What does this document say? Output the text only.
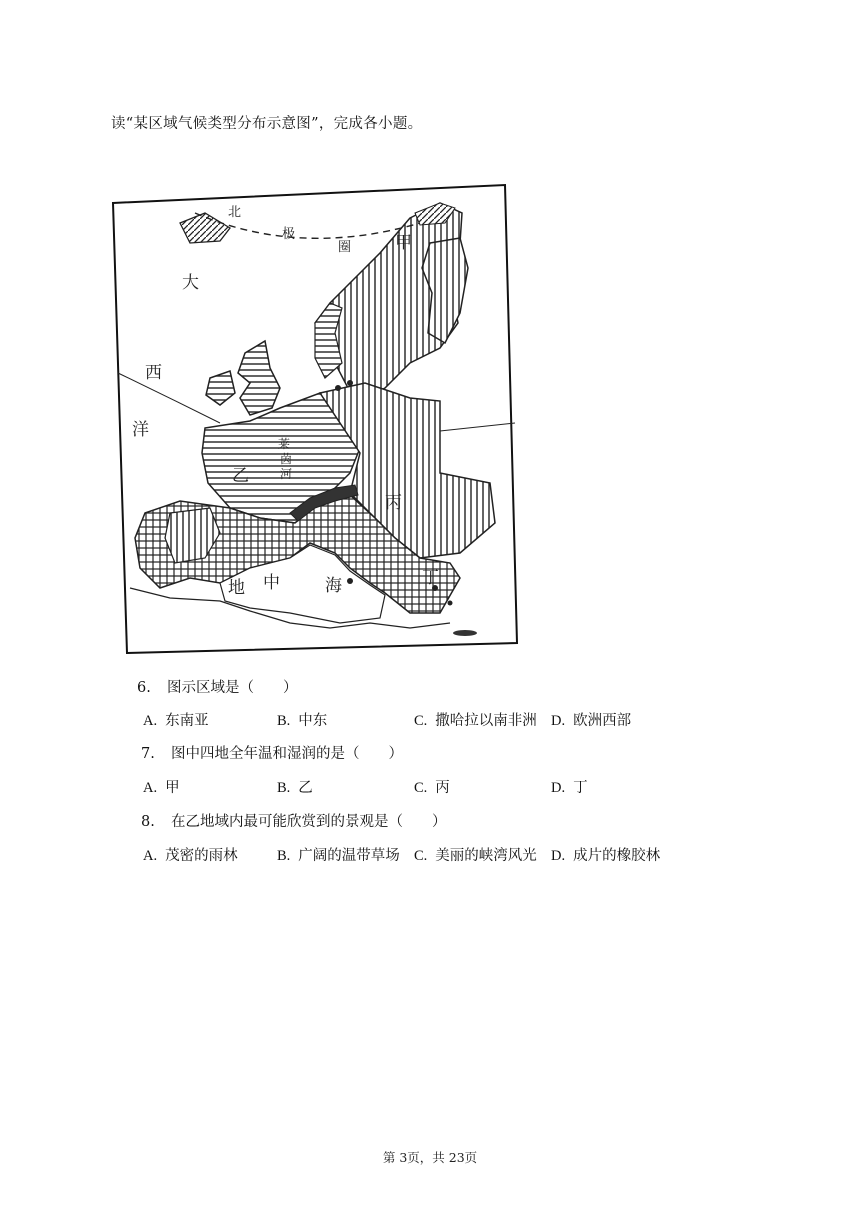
读“某区域气候类型分布示意图”，完成各小题。
大
西
洋
北
极
圈	甲
乙
丙
丁
莱
茵
河
地 中	海
6. 图示区域是（　　）
A. 东南亚	B. 中东	C. 撒哈拉以南非洲 D. 欧洲西部
7. 图中四地全年温和湿润的是（　　）
A. 甲	B. 乙	C. 丙	D. 丁
8. 在乙地域内最可能欣赏到的景观是（　　）
A. 茂密的雨林	B. 广阔的温带草场 C. 美丽的峡湾风光 D. 成片的橡胶林
第 3页，共 23页
